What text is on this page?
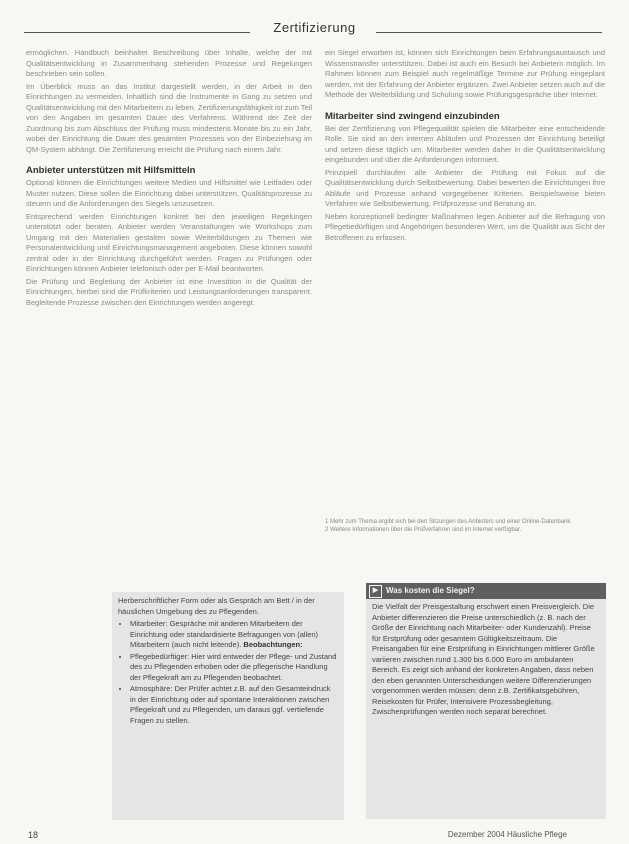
Zertifizierung

ermöglichen. Handbuch beinhaltet Beschreibung über Inhalte, welche der mit Qualitätsentwicklung in Zusammenhang stehenden Prozesse und Regelungen beschrieben sein sollen.

Im Überblick muss an das Institut dargestellt werden, in der Arbeit in den Einrichtungen zu vermeiden. Inhaltlich sind die Instrumente in Gang zu setzen und Qualitätsentwicklung mit den Mitarbeitern zu leben. Zertifizierungsfähigkeit ist zum Teil von den Angaben im gesamten Dauer des Verfahrens. Während der Zeit der Zuordnung bis zum Abschluss der Prüfung muss mindestens Monate bis zu ein Jahr, wobei der Einrichtung die Dauer des gesamten Prozesses von der Einbeziehung im QM-System abhängt. Die Zertifizierung erreicht die Prüfung nach einem Jahr.

Anbieter unterstützen mit Hilfsmitteln

Optional können die Einrichtungen weitere Medien und Hilfsmittel wie Leitfaden oder Muster nutzen. Diese sollen die Einrichtung dabei unterstützen, Qualitätsprozesse zu steuern und die Anforderungen des Siegels umzusetzen.

Entsprechend werden Einrichtungen konkret bei den jeweiligen Regelungen unterstützt oder beraten. Anbieter werden Veranstaltungen wie Workshops zum Umgang mit den Materialien gestalten sowie Weiterbildungen zu Themen wie Personalentwicklung und Einrichtungsmanagement angeboten. Diese können sowohl zentral oder in der Einrichtung durchgeführt werden. Fragen zu Prüfungen oder Einrichtungen können Anbieter telefonisch oder per E-Mail beantworten.

Die Prüfung und Begleitung der Anbieter ist eine Investition in die Qualität der Einrichtungen, hierbei sind die Prüfkriterien und Leistungsanforderungen transparent. Begleitende Prozesse zwischen den Einrichtungen werden angeregt.

ein Siegel erworben ist, können sich Einrichtungen beim Erfahrungsaustausch und Wissenstransfer unterstützen. Dabei ist auch ein Besuch bei Anbietern möglich. Im Rahmen können zum Beispiel auch regelmäßige Termine zur Prüfung eingeplant werden, mit der Erfahrung der Anbieter ergänzen. Zwei Anbieter setzen auch auf die Methode der Weiterbildung und Schulung sowie Prüfungsgespräche über Internet.

Mitarbeiter sind zwingend einzubinden

Bei der Zertifizierung von Pflegequalität spielen die Mitarbeiter eine entscheidende Rolle. Sie sind an den internen Abläufen und Prozessen der Einrichtung beteiligt und setzen diese täglich um. Mitarbeiter werden daher in die Qualitätsentwicklung eingebunden und über die Anforderungen informiert.

Prinzipiell durchlaufen alle Anbieter die Prüfung mit Fokus auf die Qualitätsentwicklung durch Selbstbewertung. Dabei bewerten die Einrichtungen ihre Abläufe und Prozesse anhand vorgegebener Kriterien. Beispielsweise bieten Verfahren wie Selbstbewertung, Prüfprozesse und Beratung an.

Neben konzeptionell bedingter Maßnahmen legen Anbieter auf die Befragung von Pflegebedürftigen und Angehörigen besonderen Wert, um die Qualität aus Sicht der Betroffenen zu erfassen.

1 Mehr zum Thema ergibt sich bei den Sitzungen des Anbieters und einer Online-Datenbank.
2 Weitere Informationen über die Prüfverfahren sind im Internet verfügbar.

Herberschriftlicher Form oder als Gespräch am Bett / in der häuslichen Umgebung des zu Pflegenden.

• Mitarbeiter: Gespräche mit anderen Mitarbeitern der Einrichtung oder standardisierte Befragungen von (allen) Mitarbeitern (auch nicht leitende). Beobachtungen:
• Pflegebedürftiger: Hier wird entweder der Pflege- und Zustand des zu Pflegenden erhoben oder die pflegerische Handlung der Pflegekraft am zu Pflegenden beobachtet.
• Atmosphäre: Der Prüfer achtet z.B. auf den Gesamteindruck in der Einrichtung oder auf spontane Interaktionen zwischen Pflegekraft und zu Pflegenden, um daraus ggf. vertiefende Fragen zu stellen.
▶ Was kosten die Siegel?

Die Vielfalt der Preisgestaltung erschwert einen Preisvergleich. Die Anbieter differenzieren die Preise unterschiedlich (z. B. nach der Größe der Einrichtung nach Mitarbeiter- oder Kundenzahl). Preise für Erstprüfung oder gesamtem Gültigkeitszeitraum. Die Preisangaben für eine Erstprüfung in Einrichtungen mittlerer Größe variieren zwischen rund 1.300 bis 6.000 Euro im ambulanten Bereich. Es zeigt sich anhand der konkreten Angaben, dass neben den eben genannten Unterscheidungen weitere Differenzierungen vorgenommen werden müssen: denn z.B. Zertifikatsgebühren, Reisekosten für Prüfer, Intensivere Prozessbegleitung, Zwischenprüfungen werden noch separat berechnet.

18	Dezember 2004 Häusliche Pflege
